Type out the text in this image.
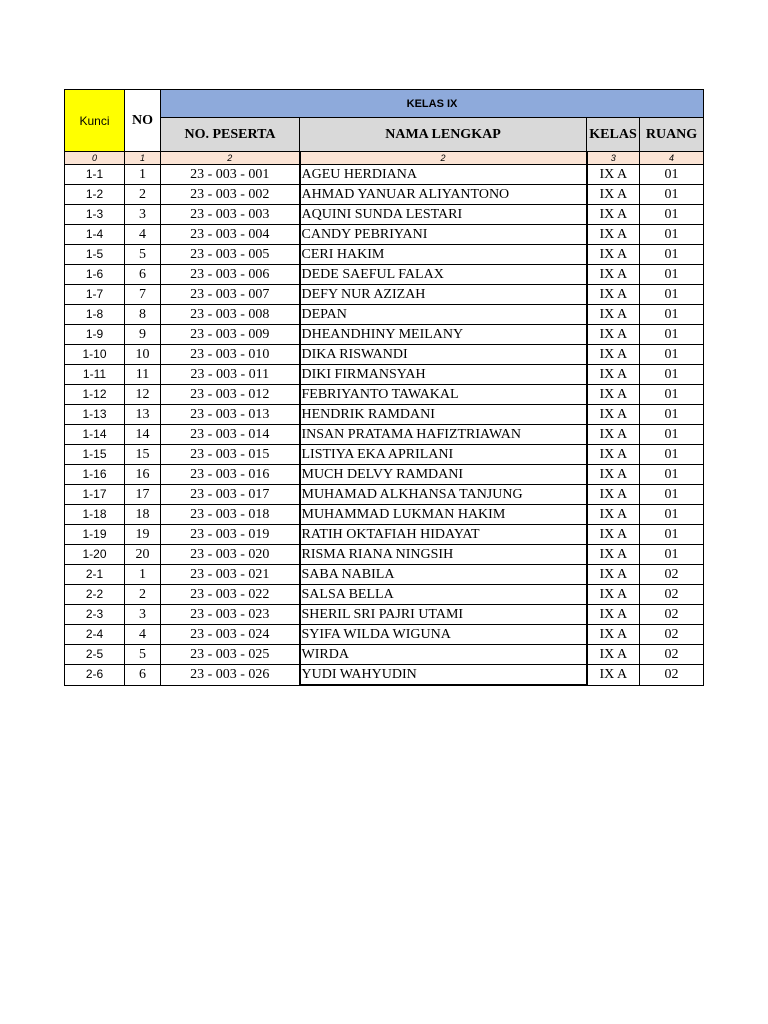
Kunci	NO	KELAS IX			
		NO. PESERTA	NAMA LENGKAP	KELAS	RUANG
0	1	2	2	3	4
1-1	1	23 - 003 - 001	AGEU HERDIANA	IX A	01
1-2	2	23 - 003 - 002	AHMAD YANUAR ALIYANTONO	IX A	01
1-3	3	23 - 003 - 003	AQUINI SUNDA LESTARI	IX A	01
1-4	4	23 - 003 - 004	CANDY PEBRIYANI	IX A	01
1-5	5	23 - 003 - 005	CERI HAKIM	IX A	01
1-6	6	23 - 003 - 006	DEDE SAEFUL FALAX	IX A	01
1-7	7	23 - 003 - 007	DEFY NUR AZIZAH	IX A	01
1-8	8	23 - 003 - 008	DEPAN	IX A	01
1-9	9	23 - 003 - 009	DHEANDHINY MEILANY	IX A	01
1-10	10	23 - 003 - 010	DIKA RISWANDI	IX A	01
1-11	11	23 - 003 - 011	DIKI FIRMANSYAH	IX A	01
1-12	12	23 - 003 - 012	FEBRIYANTO TAWAKAL	IX A	01
1-13	13	23 - 003 - 013	HENDRIK RAMDANI	IX A	01
1-14	14	23 - 003 - 014	INSAN PRATAMA HAFIZTRIAWAN	IX A	01
1-15	15	23 - 003 - 015	LISTIYA EKA APRILANI	IX A	01
1-16	16	23 - 003 - 016	MUCH DELVY RAMDANI	IX A	01
1-17	17	23 - 003 - 017	MUHAMAD ALKHANSA TANJUNG	IX A	01
1-18	18	23 - 003 - 018	MUHAMMAD LUKMAN HAKIM	IX A	01
1-19	19	23 - 003 - 019	RATIH OKTAFIAH HIDAYAT	IX A	01
1-20	20	23 - 003 - 020	RISMA RIANA NINGSIH	IX A	01
2-1	1	23 - 003 - 021	SABA NABILA	IX A	02
2-2	2	23 - 003 - 022	SALSA BELLA	IX A	02
2-3	3	23 - 003 - 023	SHERIL SRI PAJRI UTAMI	IX A	02
2-4	4	23 - 003 - 024	SYIFA WILDA WIGUNA	IX A	02
2-5	5	23 - 003 - 025	WIRDA	IX A	02
2-6	6	23 - 003 - 026	YUDI WAHYUDIN	IX A	02
